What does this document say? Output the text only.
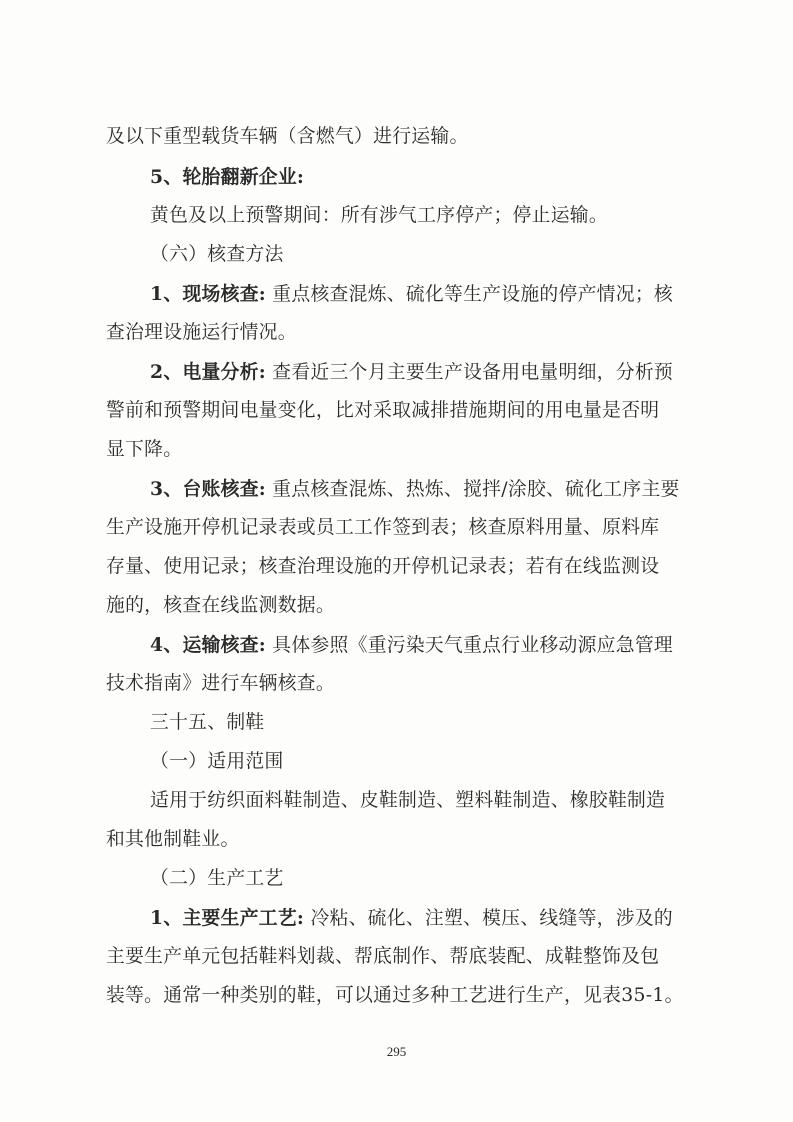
及以下重型载货车辆（含燃气）进行运输。
5、轮胎翻新企业:
黄色及以上预警期间：所有涉气工序停产；停止运输。
（六）核查方法
1、现场核查: 重点核查混炼、硫化等生产设施的停产情况；核
查治理设施运行情况。
2、电量分析: 查看近三个月主要生产设备用电量明细，分析预
警前和预警期间电量变化，比对采取减排措施期间的用电量是否明
显下降。
3、台账核查: 重点核查混炼、热炼、搅拌/涂胶、硫化工序主要
生产设施开停机记录表或员工工作签到表；核查原料用量、原料库
存量、使用记录；核查治理设施的开停机记录表；若有在线监测设
施的，核查在线监测数据。
4、运输核查: 具体参照《重污染天气重点行业移动源应急管理
技术指南》进行车辆核查。
三十五、制鞋
（一）适用范围
适用于纺织面料鞋制造、皮鞋制造、塑料鞋制造、橡胶鞋制造
和其他制鞋业。
（二）生产工艺
1、主要生产工艺: 冷粘、硫化、注塑、模压、线缝等，涉及的
主要生产单元包括鞋料划裁、帮底制作、帮底装配、成鞋整饰及包
装等。通常一种类别的鞋，可以通过多种工艺进行生产，见表35-1。
295
